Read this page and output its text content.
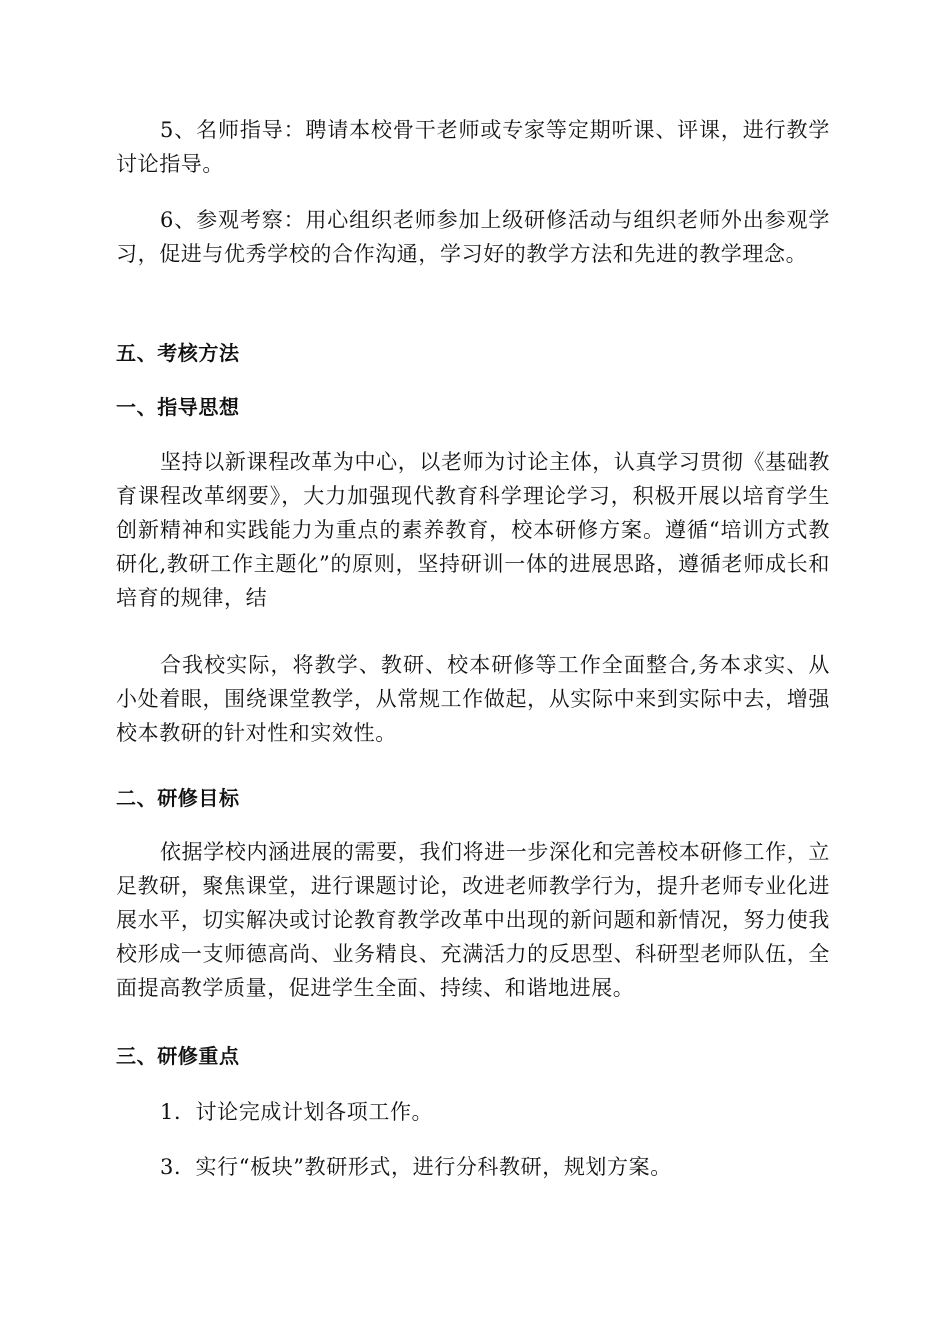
5、名师指导：聘请本校骨干老师或专家等定期听课、评课，进行教学讨论指导。

6、参观考察：用心组织老师参加上级研修活动与组织老师外出参观学习，促进与优秀学校的合作沟通，学习好的教学方法和先进的教学理念。

五、考核方法

一、指导思想

坚持以新课程改革为中心，以老师为讨论主体，认真学习贯彻《基础教育课程改革纲要》，大力加强现代教育科学理论学习，积极开展以培育学生创新精神和实践能力为重点的素养教育，校本研修方案。遵循“培训方式教研化,教研工作主题化”的原则，坚持研训一体的进展思路，遵循老师成长和培育的规律，结

合我校实际，将教学、教研、校本研修等工作全面整合,务本求实、从小处着眼，围绕课堂教学，从常规工作做起，从实际中来到实际中去，增强校本教研的针对性和实效性。

二、研修目标

依据学校内涵进展的需要，我们将进一步深化和完善校本研修工作，立足教研，聚焦课堂，进行课题讨论，改进老师教学行为，提升老师专业化进展水平，切实解决或讨论教育教学改革中出现的新问题和新情况，努力使我校形成一支师德高尚、业务精良、充满活力的反思型、科研型老师队伍，全面提高教学质量，促进学生全面、持续、和谐地进展。

三、研修重点

1．讨论完成计划各项工作。

3．实行“板块”教研形式，进行分科教研，规划方案。
